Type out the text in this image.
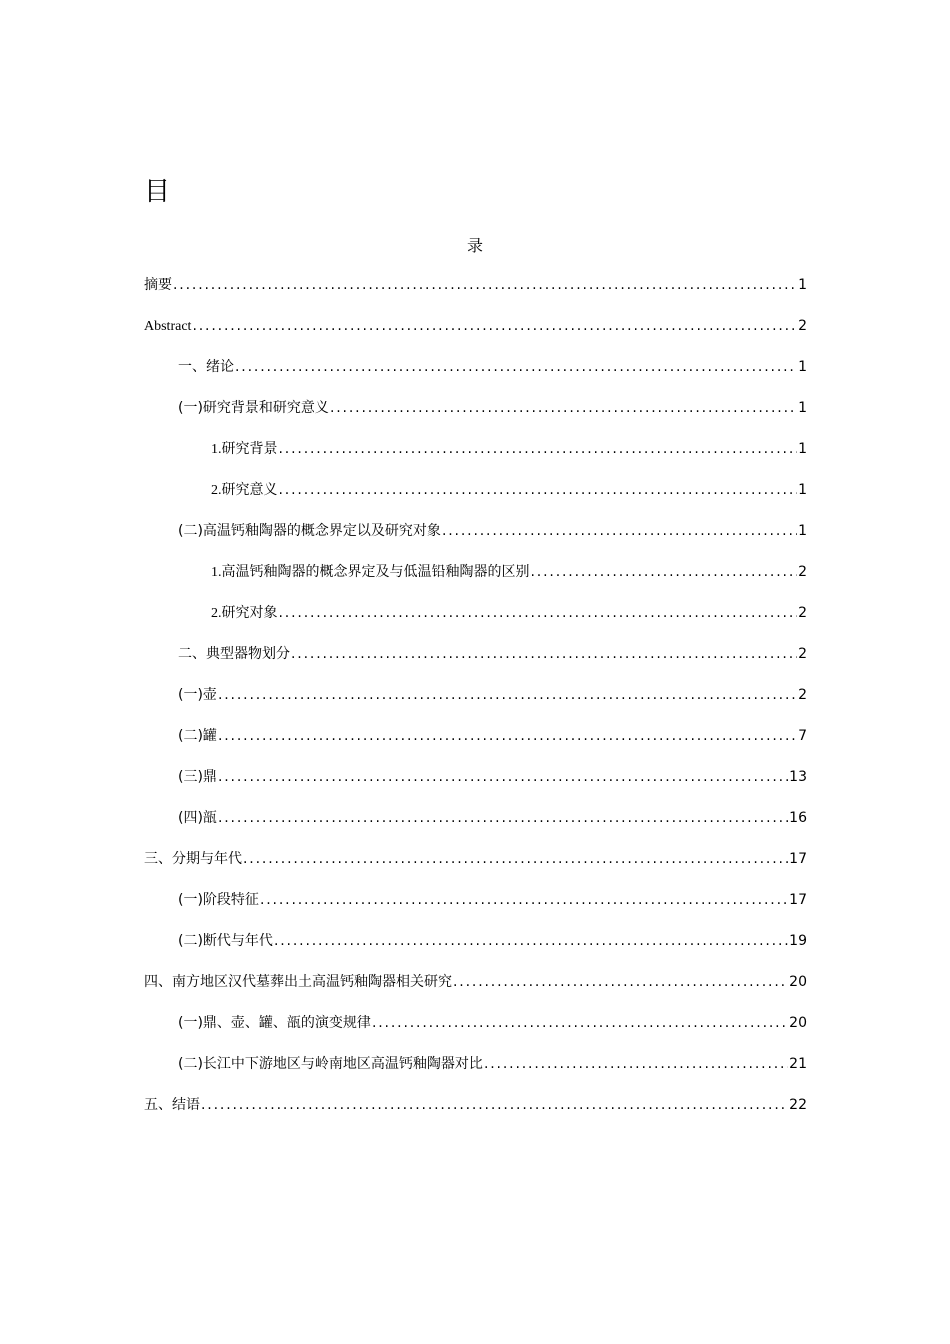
目
录
摘要 . . .	1
Abstract . . .	2
一、绪论 . . .	1
(一)研究背景和研究意义 . . .	1
1.研究背景 . . .	1
2.研究意义 . . .	1
(二)高温钙釉陶器的概念界定以及研究对象 . . .	1
1.高温钙釉陶器的概念界定及与低温铅釉陶器的区别 . . .	2
2.研究对象 . . .	2
二、典型器物划分 . . .	2
(一)壶 . . .	2
(二)罐 . . .	7
(三)鼎 . . .	13
(四)瓿 . . .	16
三、分期与年代 . . .	17
(一)阶段特征 . . .	17
(二)断代与年代 . . .	19
四、南方地区汉代墓葬出土高温钙釉陶器相关研究 . . .	20
(一)鼎、壶、罐、瓿的演变规律 . . .	20
(二)长江中下游地区与岭南地区高温钙釉陶器对比 . . .	21
五、结语 . . .	22
